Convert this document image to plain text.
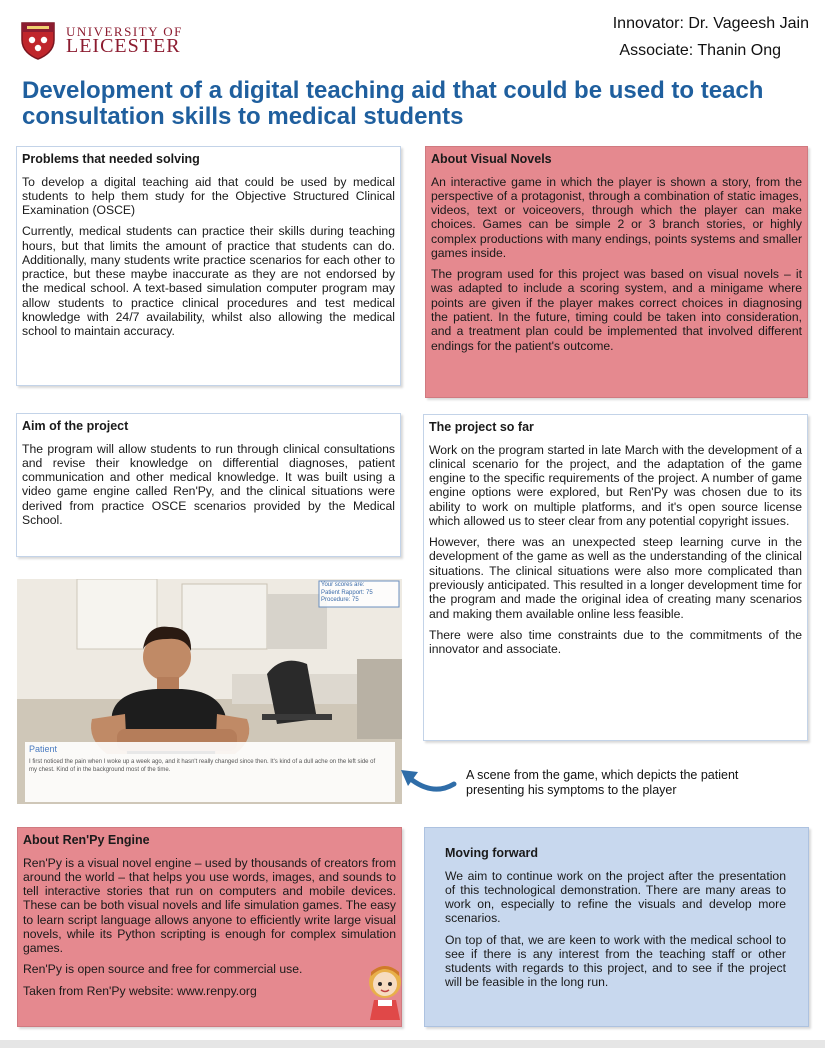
UNIVERSITY OF
LEICESTER
Innovator: Dr. Vageesh Jain
Associate: Thanin Ong
Development of a digital teaching aid that could be used to teach consultation skills to medical students
Problems that needed solving

To develop a digital teaching aid that could be used by medical students to help them study for the Objective Structured Clinical Examination (OSCE)

Currently, medical students can practice their skills during teaching hours, but that limits the amount of practice that students can do. Additionally, many students write practice scenarios for each other to practice, but these maybe inaccurate as they are not endorsed by the medical school. A text-based simulation computer program may allow students to practice clinical procedures and test medical knowledge with 24/7 availability, whilst also allowing the medical school to maintain accuracy.

About Visual Novels

An interactive game in which the player is shown a story, from the perspective of a protagonist, through a combination of static images, videos, text or voiceovers, through which the player can make choices. Games can be simple 2 or 3 branch stories, or highly complex productions with many endings, points systems and smaller games inside.

The program used for this project was based on visual novels – it was adapted to include a scoring system, and a minigame where points are given if the player makes correct choices in diagnosing the patient. In the future, timing could be taken into consideration, and a treatment plan could be implemented that involved different endings for the patient's outcome.

Aim of the project

The program will allow students to run through clinical consultations and revise their knowledge on differential diagnoses, patient communication and other medical knowledge. It was built using a video game engine called Ren'Py, and the clinical situations were derived from practice OSCE scenarios provided by the Medical School.

The project so far

Work on the program started in late March with the development of a clinical scenario for the project, and the adaptation of the game engine to the specific requirements of the project. A number of game engine options were explored, but Ren'Py was chosen due to its ability to work on multiple platforms, and it's open source license which allowed us to steer clear from any potential copyright issues.

However, there was an unexpected steep learning curve in the development of the game as well as the understanding of the clinical situations. The clinical situations were also more complicated than previously anticipated. This resulted in a longer development time for the program and made the original idea of creating many scenarios and making them available online less feasible.

There were also time constraints due to the commitments of the innovator and associate.

Your scores are:
Patient Rapport: 75
Procedure: 75
Patient
I first noticed the pain when I woke up a week ago, and it hasn't really changed since then. It's kind of a dull ache on the left side of my chest. Kind of in the background most of the time.	A scene from the game, which depicts the patient presenting his symptoms to the player
About Ren'Py Engine

Ren'Py is a visual novel engine – used by thousands of creators from around the world – that helps you use words, images, and sounds to tell interactive stories that run on computers and mobile devices. These can be both visual novels and life simulation games. The easy to learn script language allows anyone to efficiently write large visual novels, while its Python scripting is enough for complex simulation games.

Ren'Py is open source and free for commercial use.

Taken from Ren'Py website: www.renpy.org

Moving forward

We aim to continue work on the project after the presentation of this technological demonstration. There are many areas to work on, especially to refine the visuals and develop more scenarios.

On top of that, we are keen to work with the medical school to see if there is any interest from the teaching staff or other students with regards to this project, and to see if the project will be feasible in the long run.
